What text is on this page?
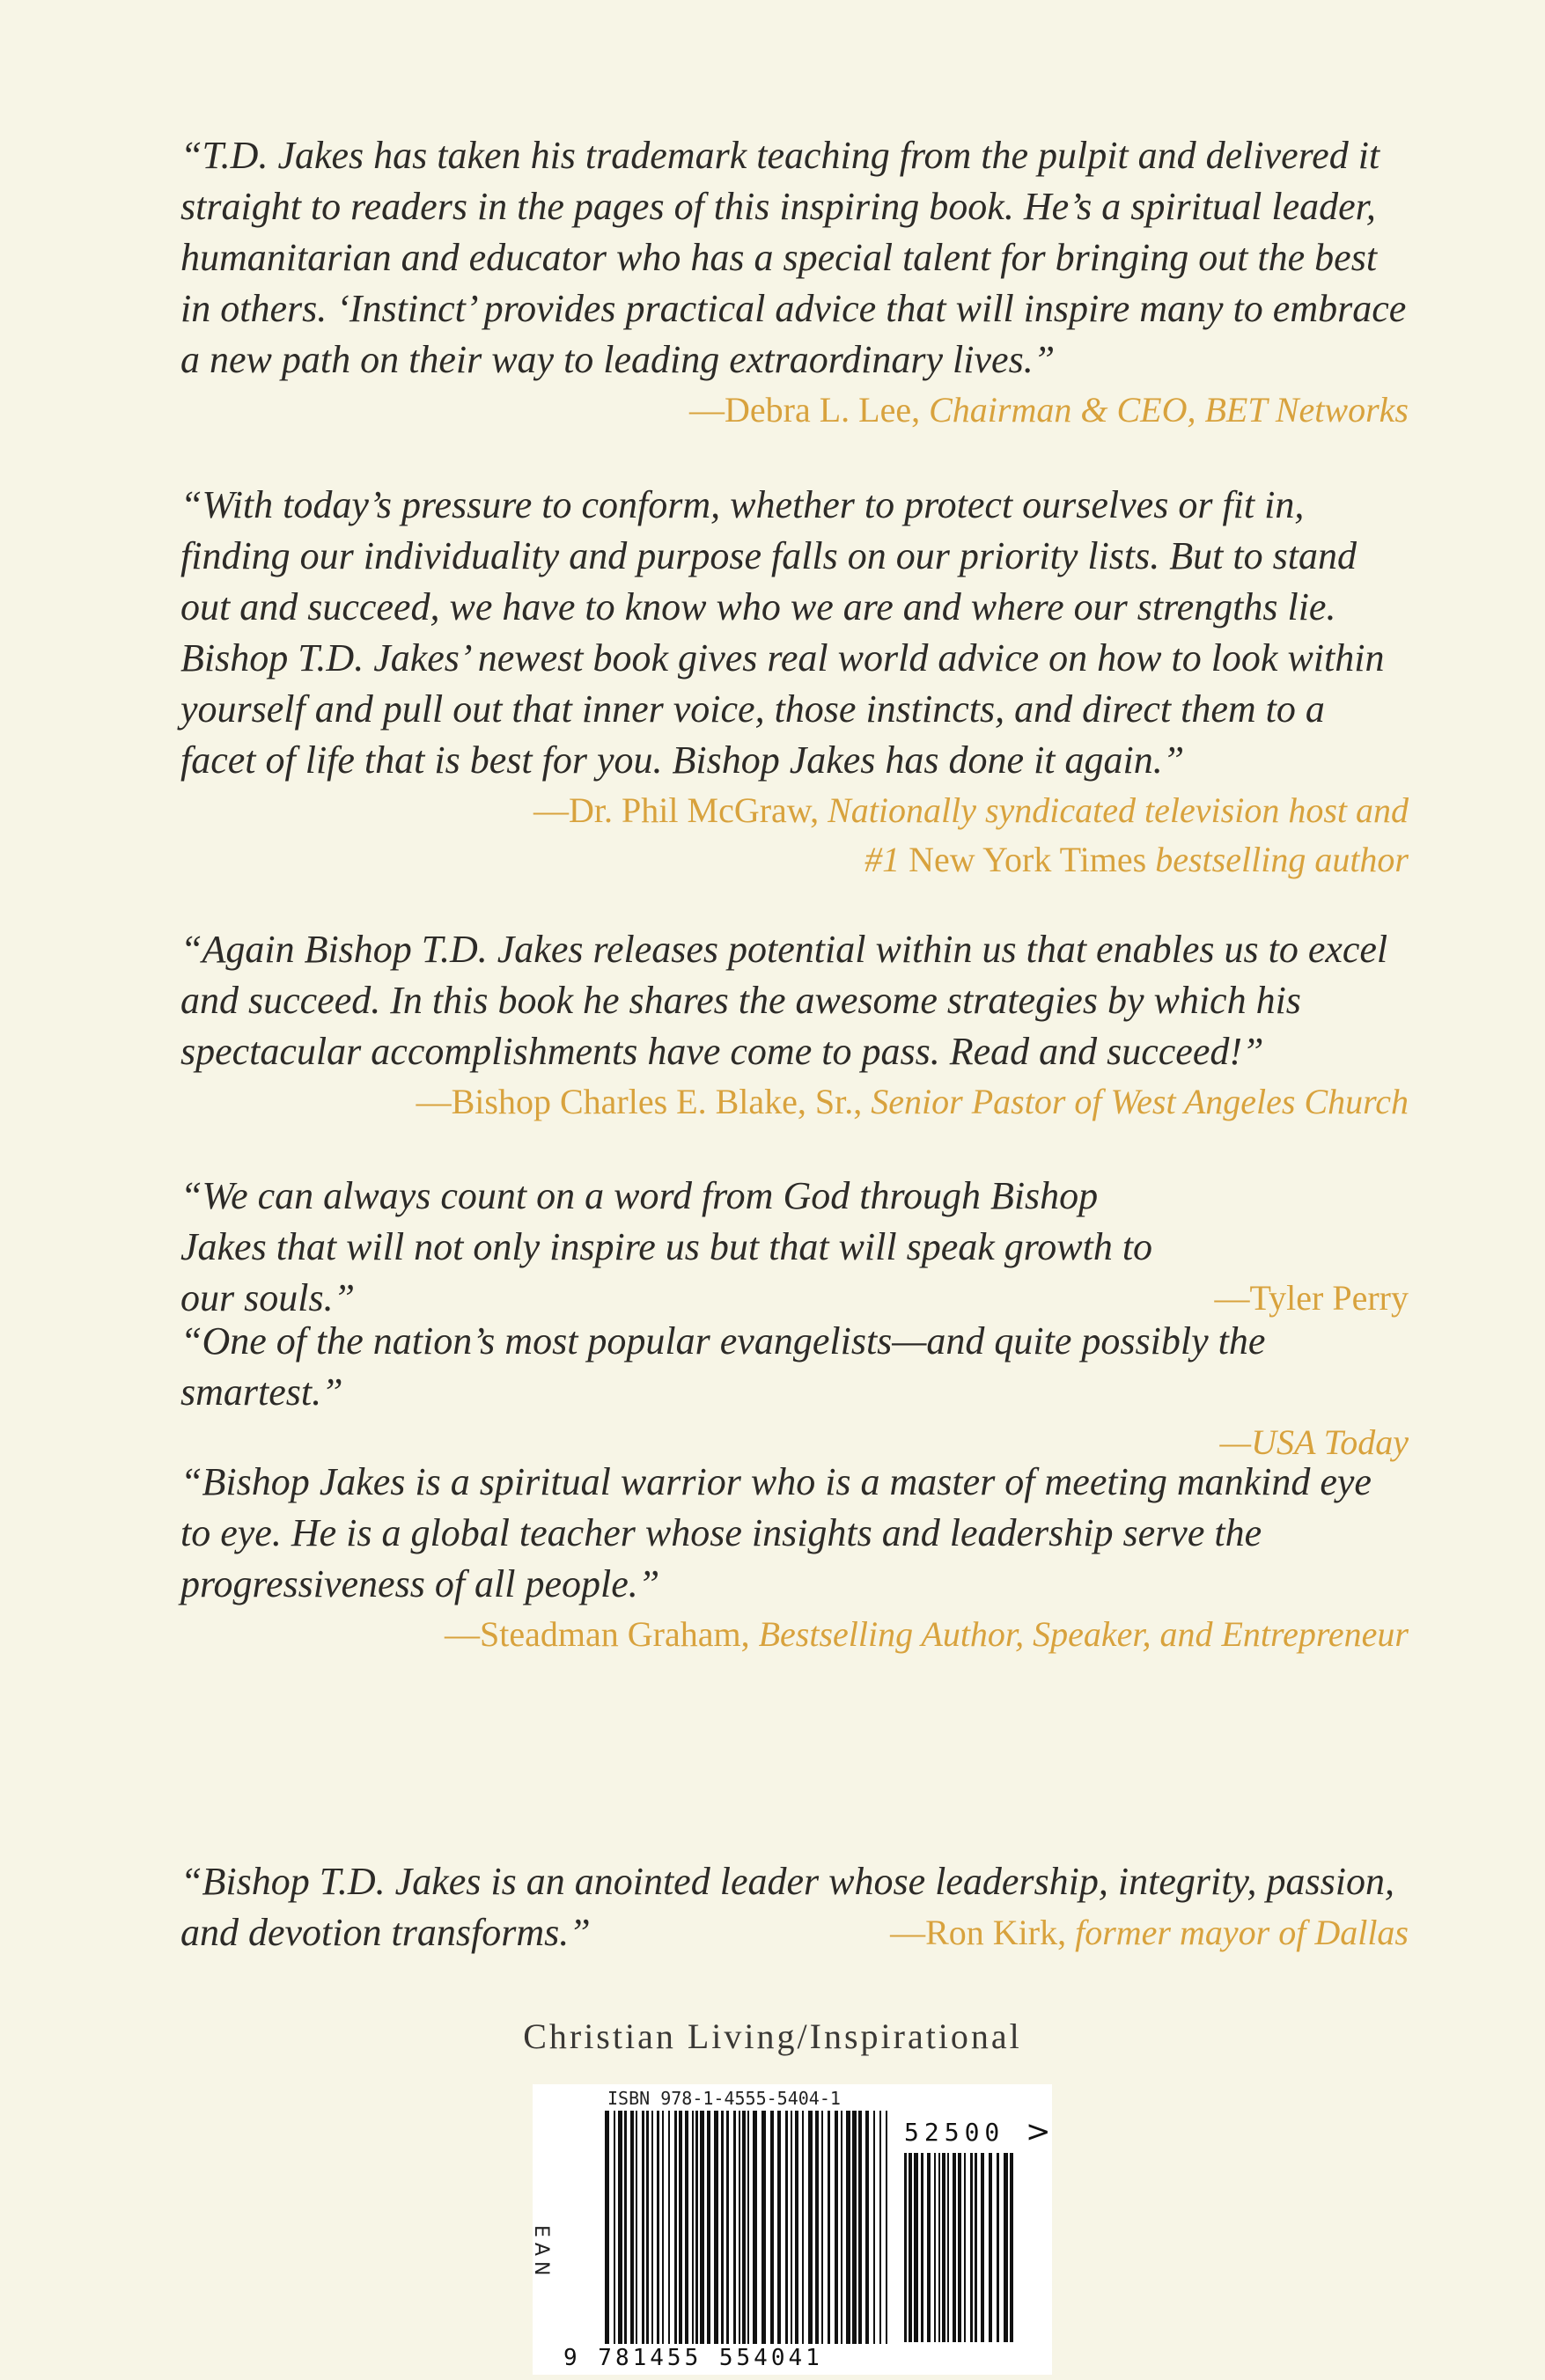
“T.D. Jakes has taken his trademark teaching from the pulpit and delivered it straight to readers in the pages of this inspiring book. He’s a spiritual leader, humanitarian and educator who has a special talent for bringing out the best in others. ‘Instinct’ provides practical advice that will inspire many to embrace a new path on their way to leading extraordinary lives.”

—Debra L. Lee, Chairman & CEO, BET Networks

“With today’s pressure to conform, whether to protect ourselves or fit in, finding our individuality and purpose falls on our priority lists. But to stand out and succeed, we have to know who we are and where our strengths lie. Bishop T.D. Jakes’ newest book gives real world advice on how to look within yourself and pull out that inner voice, those instincts, and direct them to a facet of life that is best for you. Bishop Jakes has done it again.”

—Dr. Phil McGraw, Nationally syndicated television host and
#1 New York Times bestselling author

“Again Bishop T.D. Jakes releases potential within us that enables us to excel and succeed. In this book he shares the awesome strategies by which his spectacular accomplishments have come to pass. Read and succeed!”

—Bishop Charles E. Blake, Sr., Senior Pastor of West Angeles Church

“We can always count on a word from God through Bishop Jakes that will not only inspire us but that will speak growth to our souls.”	—Tyler Perry

“One of the nation’s most popular evangelists—and quite possibly the smartest.”

—USA Today

“Bishop Jakes is a spiritual warrior who is a master of meeting mankind eye to eye. He is a global teacher whose insights and leadership serve the progressiveness of all people.”

—Steadman Graham, Bestselling Author, Speaker, and Entrepreneur

“Bishop T.D. Jakes is an anointed leader whose leadership, integrity, passion, and devotion transforms.”	—Ron Kirk, former mayor of Dallas
Christian Living/Inspirational
ISBN 978-1-4555-5404-1
EAN
9 781455 554041
52500 >
